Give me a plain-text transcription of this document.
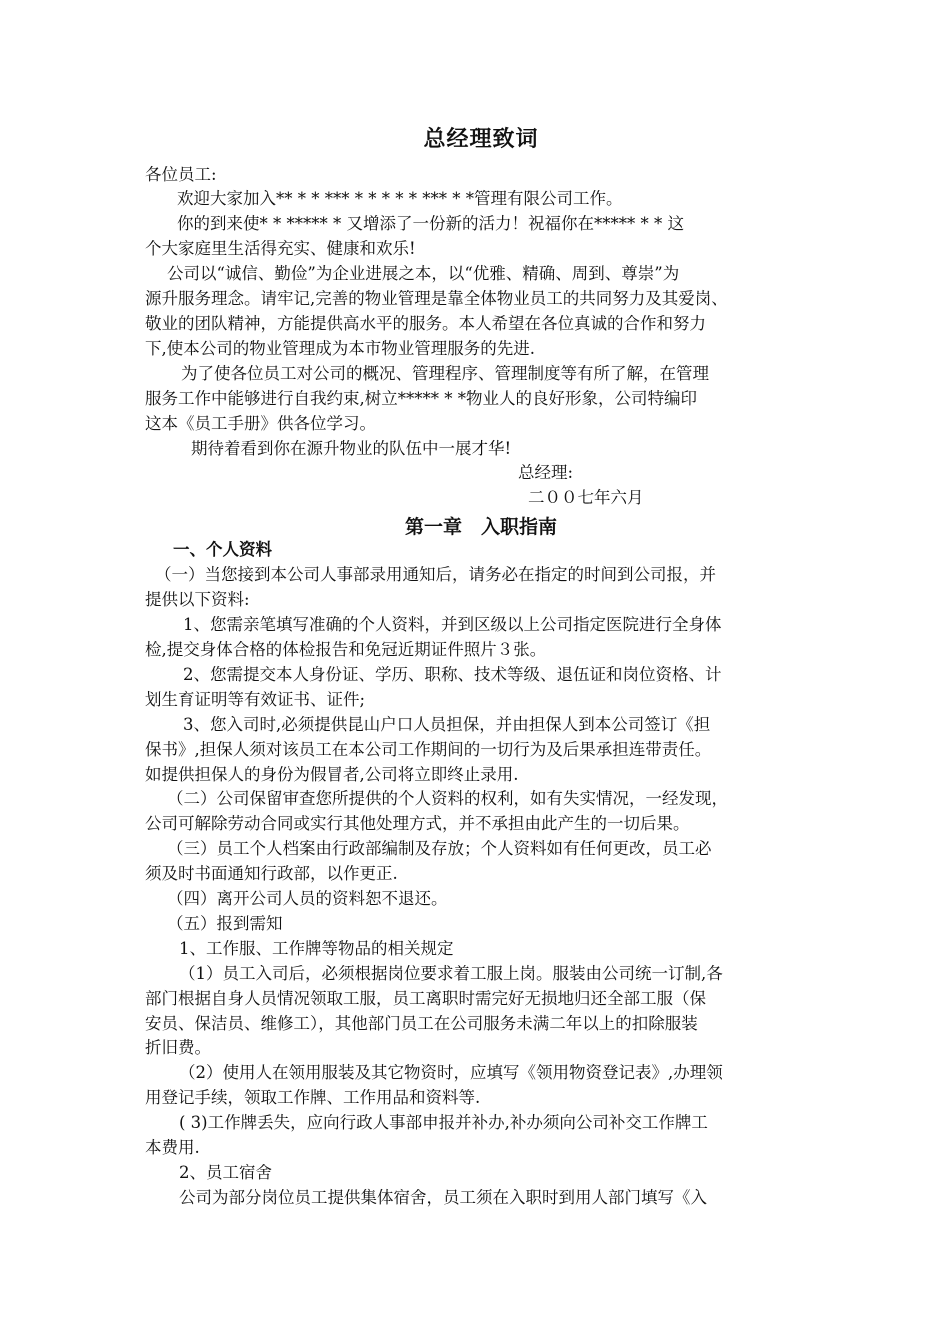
总经理致词

各位员工:

欢迎大家加入** * * *** * * * * * *** * *管理有限公司工作。

你的到来使* * ***** * 又增添了一份新的活力！祝福你在***** * * 这

个大家庭里生活得充实、健康和欢乐!

公司以“诚信、勤俭”为企业进展之本，以“优雅、精确、周到、尊崇”为

源升服务理念。请牢记,完善的物业管理是靠全体物业员工的共同努力及其爱岗、

敬业的团队精神，方能提供高水平的服务。本人希望在各位真诚的合作和努力

下,使本公司的物业管理成为本市物业管理服务的先进.

为了使各位员工对公司的概况、管理程序、管理制度等有所了解，在管理

服务工作中能够进行自我约束,树立***** * *物业人的良好形象，公司特编印

这本《员工手册》供各位学习。

期待着看到你在源升物业的队伍中一展才华!

总经理:

二００七年六月

第一章　入职指南

一、个人资料

（一）当您接到本公司人事部录用通知后，请务必在指定的时间到公司报，并

提供以下资料:

1、您需亲笔填写准确的个人资料，并到区级以上公司指定医院进行全身体

检,提交身体合格的体检报告和免冠近期证件照片３张。

2、您需提交本人身份证、学历、职称、技术等级、退伍证和岗位资格、计

划生育证明等有效证书、证件;

3、您入司时,必须提供昆山户口人员担保，并由担保人到本公司签订《担

保书》,担保人须对该员工在本公司工作期间的一切行为及后果承担连带责任。

如提供担保人的身份为假冒者,公司将立即终止录用.

（二）公司保留审查您所提供的个人资料的权利，如有失实情况，一经发现，

公司可解除劳动合同或实行其他处理方式，并不承担由此产生的一切后果。

（三）员工个人档案由行政部编制及存放；个人资料如有任何更改，员工必

须及时书面通知行政部，以作更正.

（四）离开公司人员的资料恕不退还。

（五）报到需知

1、工作服、工作牌等物品的相关规定

（1）员工入司后，必须根据岗位要求着工服上岗。服装由公司统一订制,各

部门根据自身人员情况领取工服，员工离职时需完好无损地归还全部工服（保

安员、保洁员、维修工），其他部门员工在公司服务未满二年以上的扣除服装

折旧费。

（2）使用人在领用服装及其它物资时，应填写《领用物资登记表》,办理领

用登记手续，领取工作牌、工作用品和资料等.

( 3)工作牌丢失，应向行政人事部申报并补办,补办须向公司补交工作牌工

本费用.

2、员工宿舍

公司为部分岗位员工提供集体宿舍，员工须在入职时到用人部门填写《入
